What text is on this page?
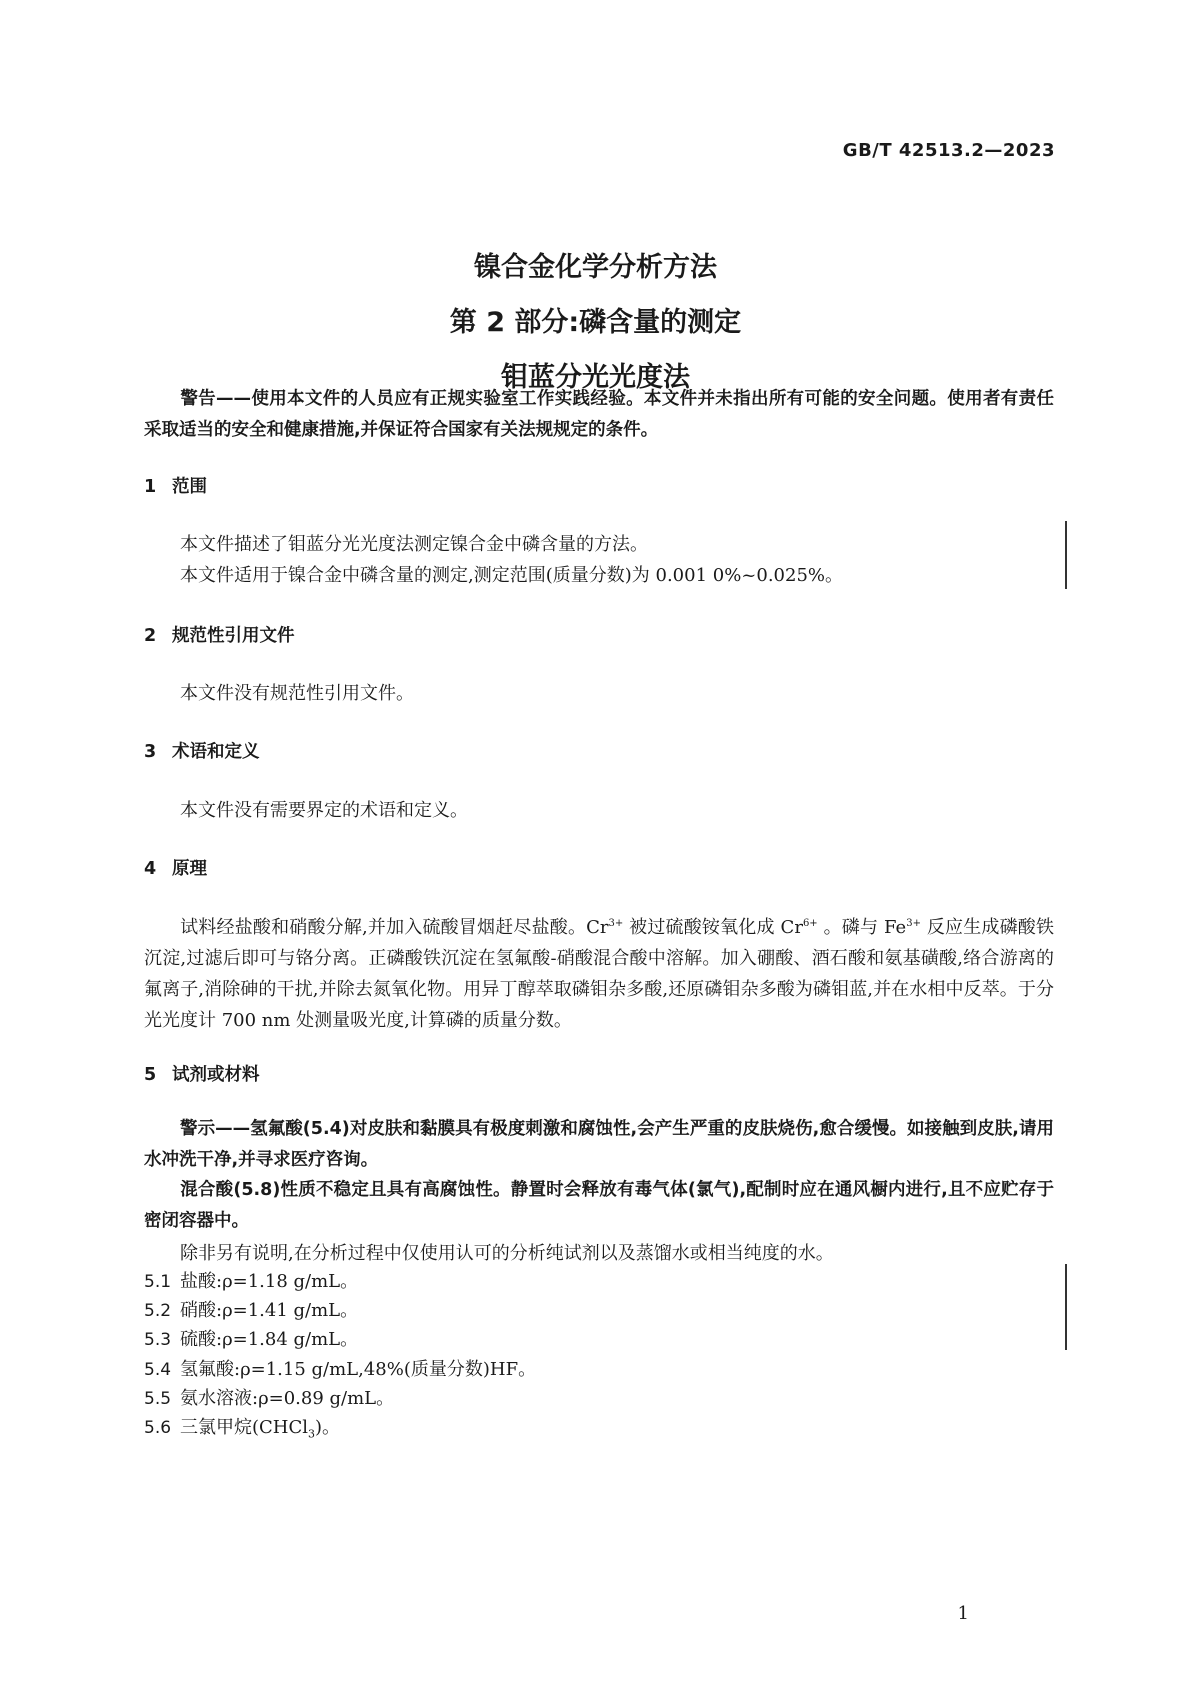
GB/T 42513.2—2023
镍合金化学分析方法
第 2 部分:磷含量的测定
钼蓝分光光度法
警告——使用本文件的人员应有正规实验室工作实践经验。本文件并未指出所有可能的安全问题。使用者有责任采取适当的安全和健康措施,并保证符合国家有关法规规定的条件。
1 范围
本文件描述了钼蓝分光光度法测定镍合金中磷含量的方法。
本文件适用于镍合金中磷含量的测定,测定范围(质量分数)为 0.001 0%~0.025%。
2 规范性引用文件
本文件没有规范性引用文件。
3 术语和定义
本文件没有需要界定的术语和定义。
4 原理
试料经盐酸和硝酸分解,并加入硫酸冒烟赶尽盐酸。$Cr^{3+}$ 被过硫酸铵氧化成 $Cr^{6+}$ 。磷与 $Fe^{3+}$ 反应生成磷酸铁沉淀,过滤后即可与铬分离。正磷酸铁沉淀在氢氟酸-硝酸混合酸中溶解。加入硼酸、酒石酸和氨基磺酸,络合游离的氟离子,消除砷的干扰,并除去氮氧化物。用异丁醇萃取磷钼杂多酸,还原磷钼杂多酸为磷钼蓝,并在水相中反萃。于分光光度计 700 nm 处测量吸光度,计算磷的质量分数。
5 试剂或材料
警示——氢氟酸(5.4)对皮肤和黏膜具有极度刺激和腐蚀性,会产生严重的皮肤烧伤,愈合缓慢。如接触到皮肤,请用水冲洗干净,并寻求医疗咨询。
混合酸(5.8)性质不稳定且具有高腐蚀性。静置时会释放有毒气体(氯气),配制时应在通风橱内进行,且不应贮存于密闭容器中。
除非另有说明,在分析过程中仅使用认可的分析纯试剂以及蒸馏水或相当纯度的水。
5.1 盐酸:ρ=1.18 g/mL。
5.2 硝酸:ρ=1.41 g/mL。
5.3 硫酸:ρ=1.84 g/mL。
5.4 氢氟酸:ρ=1.15 g/mL,48%(质量分数)HF。
5.5 氨水溶液:ρ=0.89 g/mL。
5.6 三氯甲烷(CHCl$_3$)。
1
